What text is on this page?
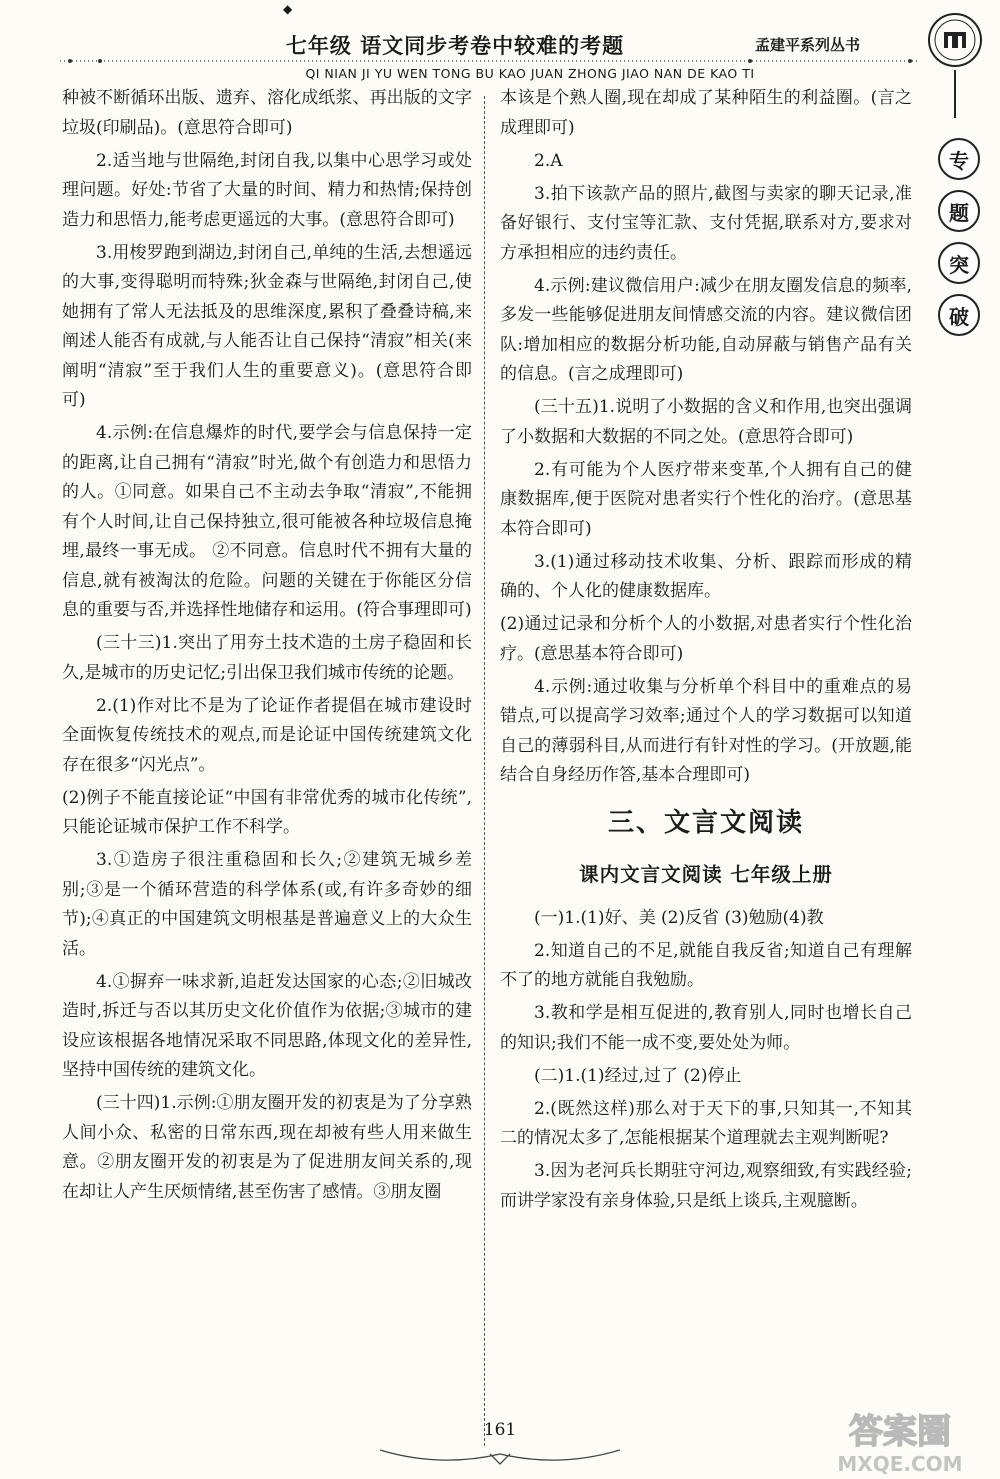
◆
七年级 语文同步考卷中较难的考题	孟建平系列丛书
QI NIAN JI YU WEN TONG BU KAO JUAN ZHONG JIAO NAN DE KAO TI
专
题
突
破

种被不断循环出版、遗弃、溶化成纸浆、再出版的文字垃圾(印刷品)。(意思符合即可)

2.适当地与世隔绝,封闭自我,以集中心思学习或处理问题。好处:节省了大量的时间、精力和热情;保持创造力和思悟力,能考虑更遥远的大事。(意思符合即可)

3.用梭罗跑到湖边,封闭自己,单纯的生活,去想遥远的大事,变得聪明而特殊;狄金森与世隔绝,封闭自己,使她拥有了常人无法抵及的思维深度,累积了叠叠诗稿,来阐述人能否有成就,与人能否让自己保持“清寂”相关(来阐明“清寂”至于我们人生的重要意义)。(意思符合即可)

4.示例:在信息爆炸的时代,要学会与信息保持一定的距离,让自己拥有“清寂”时光,做个有创造力和思悟力的人。①同意。如果自己不主动去争取“清寂”,不能拥有个人时间,让自己保持独立,很可能被各种垃圾信息掩埋,最终一事无成。 ②不同意。信息时代不拥有大量的信息,就有被淘汰的危险。问题的关键在于你能区分信息的重要与否,并选择性地储存和运用。(符合事理即可)

(三十三)1.突出了用夯土技术造的土房子稳固和长久,是城市的历史记忆;引出保卫我们城市传统的论题。

2.(1)作对比不是为了论证作者提倡在城市建设时全面恢复传统技术的观点,而是论证中国传统建筑文化存在很多“闪光点”。

(2)例子不能直接论证“中国有非常优秀的城市化传统”,只能论证城市保护工作不科学。

3.①造房子很注重稳固和长久;②建筑无城乡差别;③是一个循环营造的科学体系(或,有许多奇妙的细节);④真正的中国建筑文明根基是普遍意义上的大众生活。

4.①摒弃一味求新,追赶发达国家的心态;②旧城改造时,拆迁与否以其历史文化价值作为依据;③城市的建设应该根据各地情况采取不同思路,体现文化的差异性,坚持中国传统的建筑文化。

(三十四)1.示例:①朋友圈开发的初衷是为了分享熟人间小众、私密的日常东西,现在却被有些人用来做生意。②朋友圈开发的初衷是为了促进朋友间关系的,现在却让人产生厌烦情绪,甚至伤害了感情。③朋友圈

本该是个熟人圈,现在却成了某种陌生的利益圈。(言之成理即可)

2.A

3.拍下该款产品的照片,截图与卖家的聊天记录,准备好银行、支付宝等汇款、支付凭据,联系对方,要求对方承担相应的违约责任。

4.示例:建议微信用户:减少在朋友圈发信息的频率,多发一些能够促进朋友间情感交流的内容。建议微信团队:增加相应的数据分析功能,自动屏蔽与销售产品有关的信息。(言之成理即可)

(三十五)1.说明了小数据的含义和作用,也突出强调了小数据和大数据的不同之处。(意思符合即可)

2.有可能为个人医疗带来变革,个人拥有自己的健康数据库,便于医院对患者实行个性化的治疗。(意思基本符合即可)

3.(1)通过移动技术收集、分析、跟踪而形成的精确的、个人化的健康数据库。

(2)通过记录和分析个人的小数据,对患者实行个性化治疗。(意思基本符合即可)

4.示例:通过收集与分析单个科目中的重难点的易错点,可以提高学习效率;通过个人的学习数据可以知道自己的薄弱科目,从而进行有针对性的学习。(开放题,能结合自身经历作答,基本合理即可)

三、文言文阅读
课内文言文阅读 七年级上册

(一)1.(1)好、美 (2)反省 (3)勉励(4)教

2.知道自己的不足,就能自我反省;知道自己有理解不了的地方就能自我勉励。

3.教和学是相互促进的,教育别人,同时也增长自己的知识;我们不能一成不变,要处处为师。

(二)1.(1)经过,过了 (2)停止

2.(既然这样)那么对于天下的事,只知其一,不知其二的情况太多了,怎能根据某个道理就去主观判断呢?

3.因为老河兵长期驻守河边,观察细致,有实践经验;而讲学家没有亲身体验,只是纸上谈兵,主观臆断。

161	答案圈
MXQE.COM
